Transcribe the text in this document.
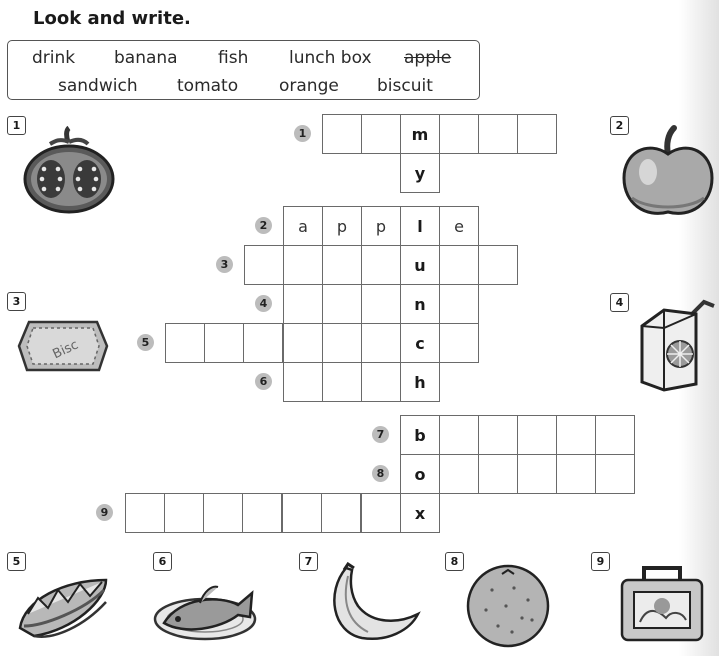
Look and write.
drink banana fish lunch box apple
sandwich tomato orange biscuit
1	m
y
2	a	p	p	l	e
3	u
4	n
5	c
6	h
7	b
8	o
9	x
1	2
3	4
5	6	7	8	9
Bisc
